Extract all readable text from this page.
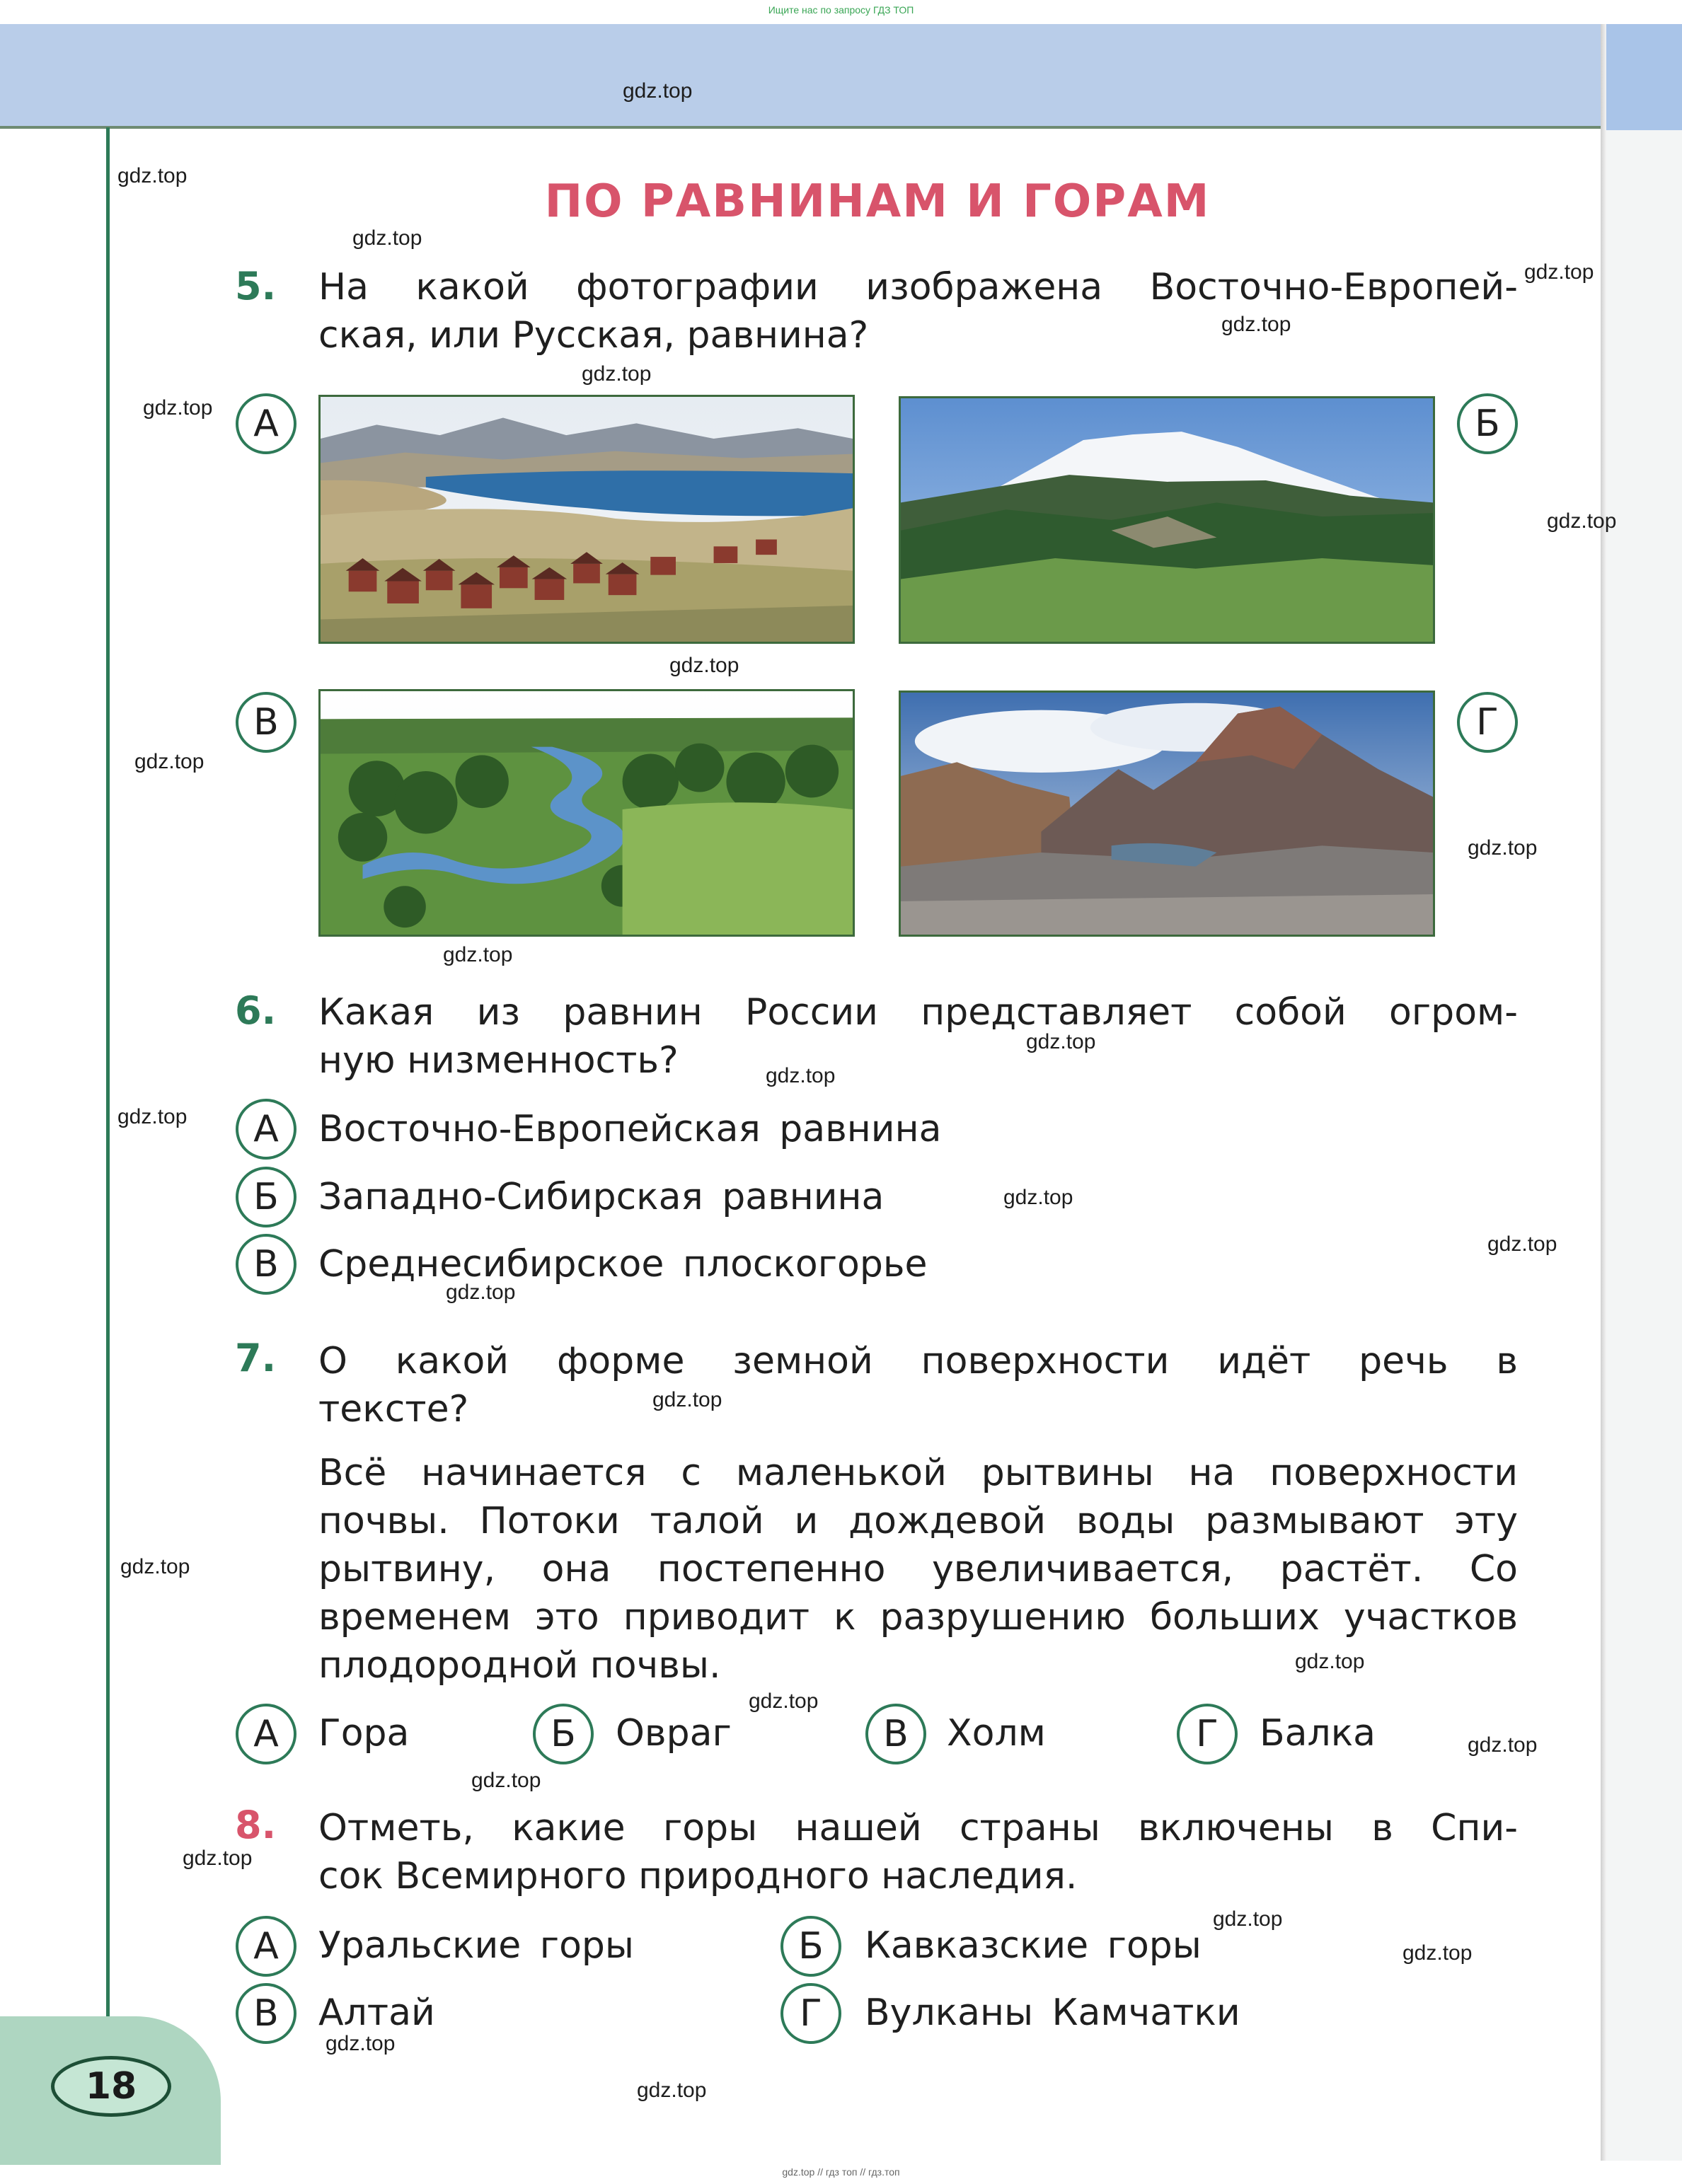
18
Ищите нас по запросу ГДЗ ТОП
gdz.top // гдз топ // гдз.топ
gdz.top
gdz.top
gdz.top
gdz.top
gdz.top
gdz.top
gdz.top
gdz.top
gdz.top
gdz.top
gdz.top
gdz.top
gdz.top
gdz.top
gdz.top
gdz.top
gdz.top
gdz.top
gdz.top
gdz.top
gdz.top
gdz.top
gdz.top
gdz.top
gdz.top
gdz.top
gdz.top
gdz.top
gdz.top
ПО РАВНИНАМ И ГОРАМ
5. На какой фотографии изображена Восточно-Европей-
ская, или Русская, равнина?
А	Б
В	Г
6. Какая из равнин России представляет собой огром-
ную низменность?
А	Восточно-Европейская равнина
Б	Западно-Сибирская равнина
В	Среднесибирское плоскогорье
7. О какой форме земной поверхности идёт речь в
тексте?
Всё начинается с маленькой рытвины на поверхности почвы. Потоки талой и дождевой воды размывают эту рытвину, она постепенно увеличивается, растёт. Со временем это приводит к разрушению больших участков плодородной почвы.
А	Гора	Б	Овраг	В	Холм	Г	Балка
8. Отметь, какие горы нашей страны включены в Спи-
сок Всемирного природного наследия.
А	Уральские горы	Б	Кавказские горы
В	Алтай	Г	Вулканы Камчатки
